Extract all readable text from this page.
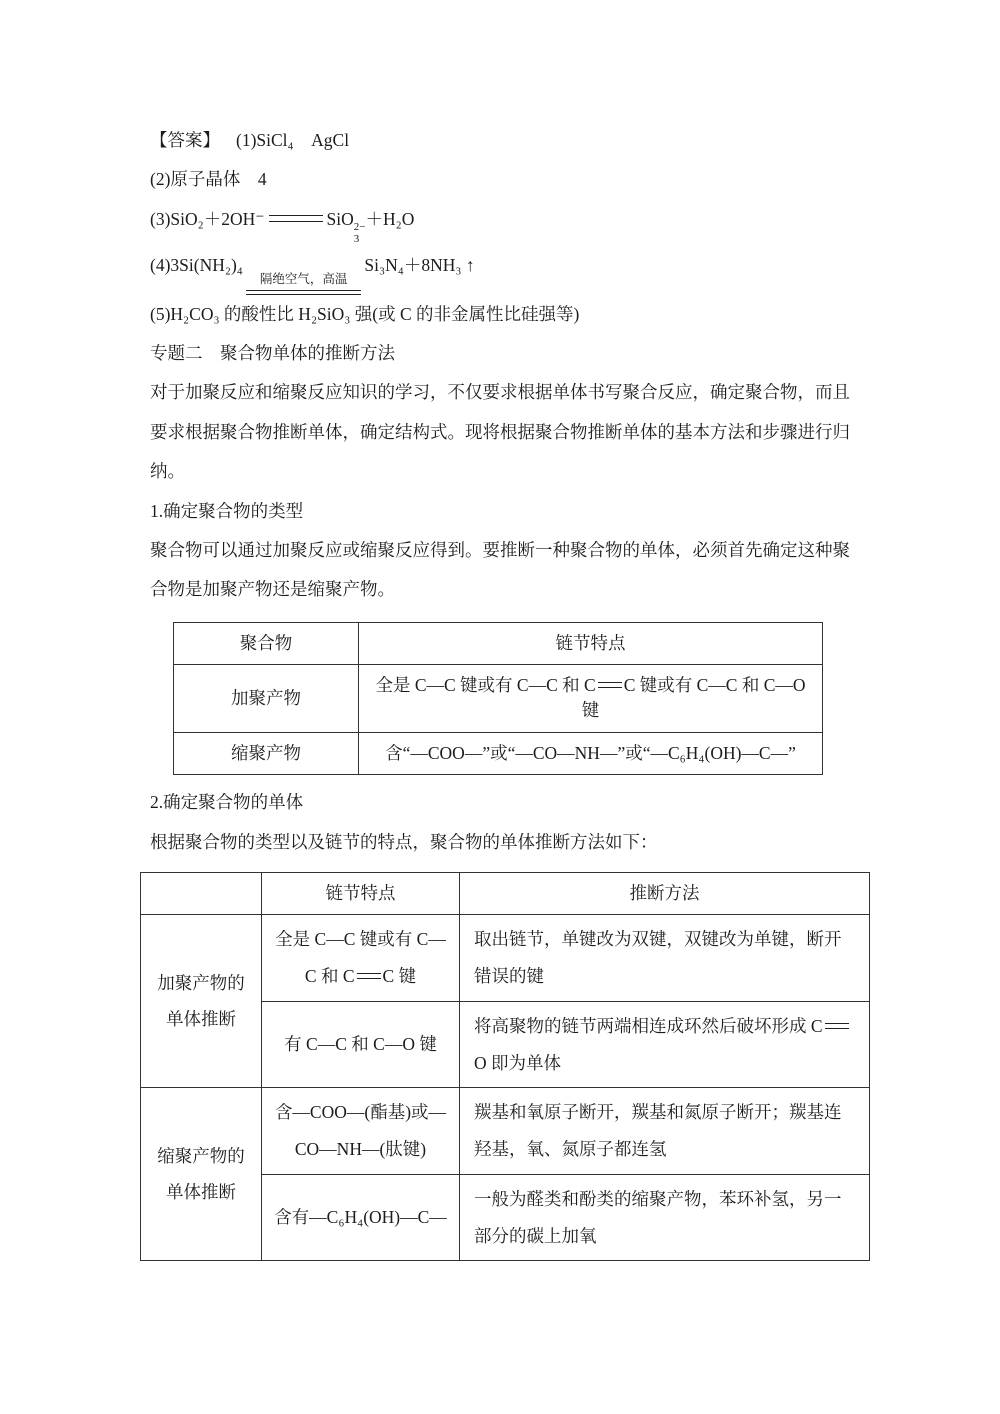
【答案】 (1)SiCl₄　AgCl

(2)原子晶体　4

(3)SiO₂＋2OH⁻	SiO 2−
3
＋H₂O

(4)3Si(NH₂)₄
隔绝空气，高温
Si₃N₄＋8NH₃ ↑

(5)H₂CO₃ 的酸性比 H₂SiO₃ 强(或 C 的非金属性比硅强等)

专题二　聚合物单体的推断方法

对于加聚反应和缩聚反应知识的学习，不仅要求根据单体书写聚合反应，确定聚合物，而且要求根据聚合物推断单体，确定结构式。现将根据聚合物推断单体的基本方法和步骤进行归纳。

1.确定聚合物的类型

聚合物可以通过加聚反应或缩聚反应得到。要推断一种聚合物的单体，必须首先确定这种聚合物是加聚产物还是缩聚产物。

聚合物	链节特点
加聚产物	全是 C—C 键或有 C—C 和 C C 键或有 C—C 和 C—O 键
缩聚产物	含“—COO—”或“—CO—NH—”或“—C₆H₄(OH)—C—”

2.确定聚合物的单体

根据聚合物的类型以及链节的特点，聚合物的单体推断方法如下：

	链节特点	推断方法
加聚产物的单体推断	全是 C—C 键或有 C—C 和 C C 键	取出链节，单键改为双键，双键改为单键，断开错误的键
	有 C—C 和 C—O 键	将高聚物的链节两端相连成环然后破坏形成 CO 即为单体
缩聚产物的单体推断	含—COO—(酯基)或—CO—NH—(肽键)	羰基和氧原子断开，羰基和氮原子断开；羰基连羟基，氧、氮原子都连氢
	含有—C₆H₄(OH)—C—	一般为醛类和酚类的缩聚产物，苯环补氢，另一部分的碳上加氧
